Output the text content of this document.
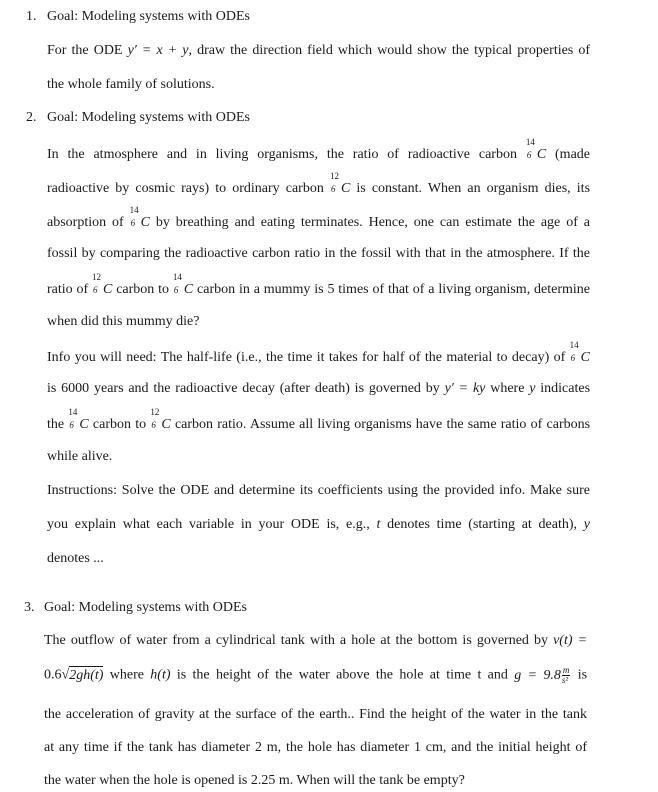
1. Goal: Modeling systems with ODEs
For the ODE y′ = x + y, draw the direction field which would show the typical properties of
the whole family of solutions.
2. Goal: Modeling systems with ODEs
In the atmosphere and in living organisms, the ratio of radioactive carbon
14
6 C (made
radioactive by cosmic rays) to ordinary carbon
12
6 C is constant. When an organism dies, its
absorption of
14
6 C by breathing and eating terminates. Hence, one can estimate the age of a
fossil by comparing the radioactive carbon ratio in the fossil with that in the atmosphere. If the
ratio of
12
6 C carbon to
14
6 C carbon in a mummy is 5 times of that of a living organism, determine
when did this mummy die?
Info you will need: The half-life (i.e., the time it takes for half of the material to decay) of
14
6 C
is 6000 years and the radioactive decay (after death) is governed by y′ = ky where y indicates
the
14
6 C carbon to
12
6 C carbon ratio. Assume all living organisms have the same ratio of carbons
while alive.
Instructions: Solve the ODE and determine its coefficients using the provided info. Make sure
you explain what each variable in your ODE is, e.g., t denotes time (starting at death), y
denotes ...
3. Goal: Modeling systems with ODEs
The outflow of water from a cylindrical tank with a hole at the bottom is governed by v(t) =
0.6√2gh(t) where h(t) is the height of the water above the hole at time t and $g = 9.8 \frac{m}{\text{s²}}$ is
the acceleration of gravity at the surface of the earth.. Find the height of the water in the tank
at any time if the tank has diameter 2 m, the hole has diameter 1 cm, and the initial height of
the water when the hole is opened is 2.25 m. When will the tank be empty?
